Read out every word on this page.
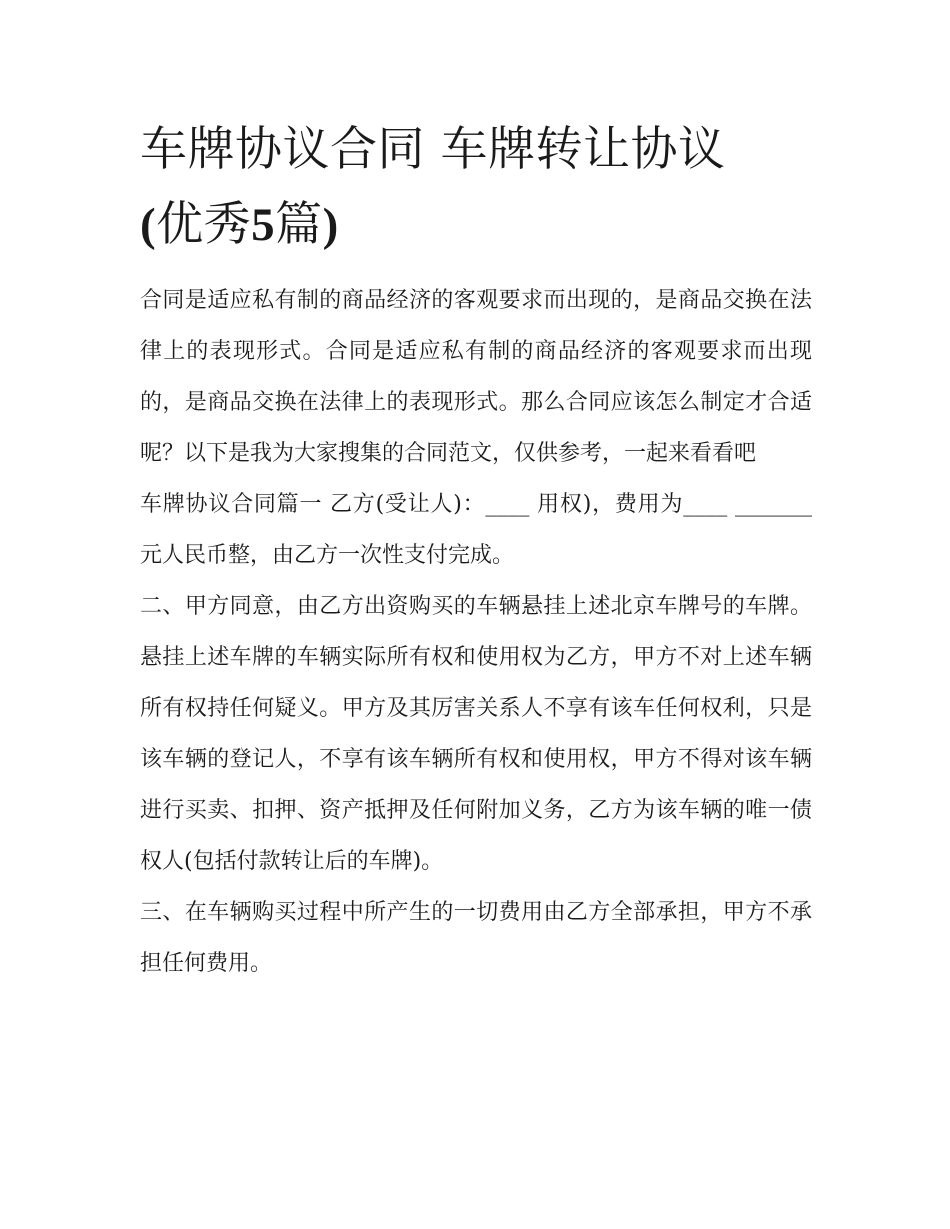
车牌协议合同 车牌转让协议
(优秀5篇)

合同是适应私有制的商品经济的客观要求而出现的，是商品交换在法律上的表现形式。合同是适应私有制的商品经济的客观要求而出现的，是商品交换在法律上的表现形式。那么合同应该怎么制定才合适呢？以下是我为大家搜集的合同范文，仅供参考，一起来看看吧

车牌协议合同篇一 乙方(受让人)：____ 用权)，费用为____ _______元人民币整，由乙方一次性支付完成。

二、甲方同意，由乙方出资购买的车辆悬挂上述北京车牌号的车牌。悬挂上述车牌的车辆实际所有权和使用权为乙方，甲方不对上述车辆所有权持任何疑义。甲方及其厉害关系人不享有该车任何权利，只是该车辆的登记人，不享有该车辆所有权和使用权，甲方不得对该车辆进行买卖、扣押、资产抵押及任何附加义务，乙方为该车辆的唯一债权人(包括付款转让后的车牌)。

三、在车辆购买过程中所产生的一切费用由乙方全部承担，甲方不承担任何费用。
